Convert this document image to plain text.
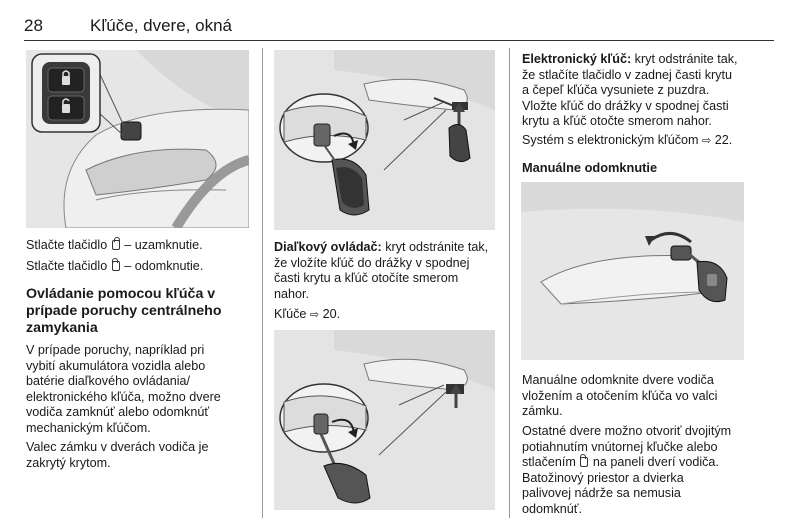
28	Kľúče, dvere, okná
Stlačte tlačidlo  – uzamknutie.
Stlačte tlačidlo  – odomknutie.
Ovládanie pomocou kľúča v
prípade poruchy centrálneho
zamykania
V prípade poruchy, napríklad pri
vybití akumulátora vozidla alebo
batérie diaľkového ovládania/
elektronického kľúča, možno dvere
vodiča zamknúť alebo odomknúť
mechanickým kľúčom.
Valec zámku v dverách vodiča je
zakrytý krytom.
Diaľkový ovládač: kryt odstránite tak,
že vložíte kľúč do drážky v spodnej
časti krytu a kľúč otočíte smerom
nahor.
Kľúče ⇨ 20.
Elektronický kľúč: kryt odstránite tak,
že stlačíte tlačidlo v zadnej časti krytu
a čepeľ kľúča vysuniete z puzdra.
Vložte kľúč do drážky v spodnej časti
krytu a kľúč otočte smerom nahor.
Systém s elektronickým kľúčom ⇨ 22.
Manuálne odomknutie
Manuálne odomknite dvere vodiča
vložením a otočením kľúča vo valci
zámku.
Ostatné dvere možno otvoriť dvojitým
potiahnutím vnútornej kľučke alebo
stlačením  na paneli dverí vodiča.
Batožinový priestor a dvierka
palivovej nádrže sa nemusia
odomknúť.
